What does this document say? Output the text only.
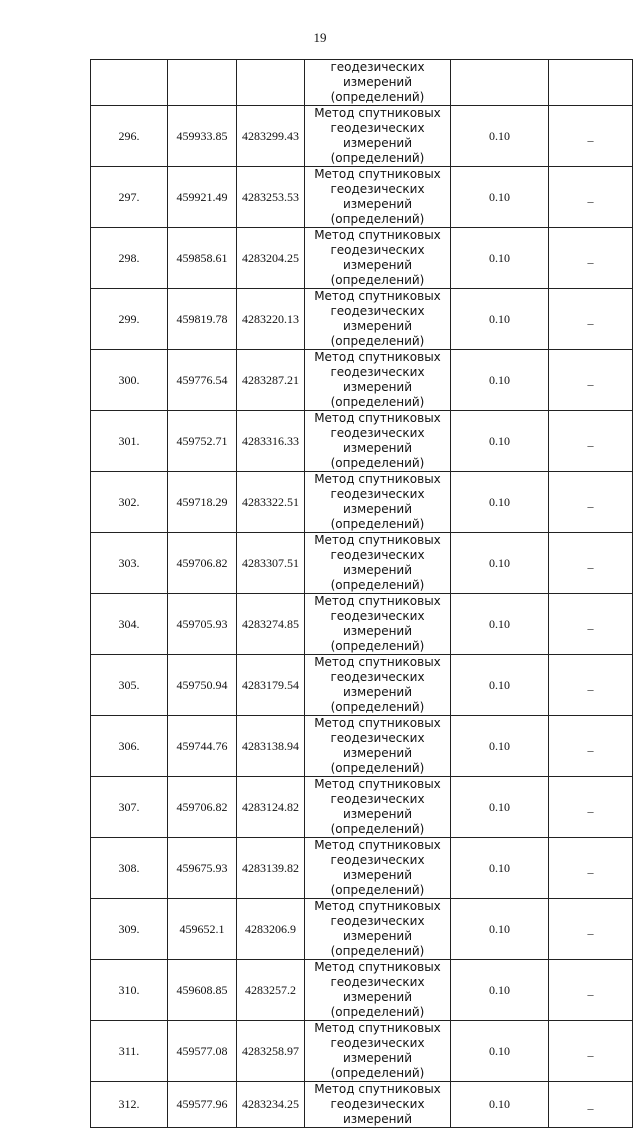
19
			геодезических измерений
(определений)		
296.	459933.85	4283299.43	Метод спутниковых
геодезических измерений
(определений)	0.10	_
297.	459921.49	4283253.53	Метод спутниковых
геодезических измерений
(определений)	0.10	_
298.	459858.61	4283204.25	Метод спутниковых
геодезических измерений
(определений)	0.10	_
299.	459819.78	4283220.13	Метод спутниковых
геодезических измерений
(определений)	0.10	_
300.	459776.54	4283287.21	Метод спутниковых
геодезических измерений
(определений)	0.10	_
301.	459752.71	4283316.33	Метод спутниковых
геодезических измерений
(определений)	0.10	_
302.	459718.29	4283322.51	Метод спутниковых
геодезических измерений
(определений)	0.10	_
303.	459706.82	4283307.51	Метод спутниковых
геодезических измерений
(определений)	0.10	_
304.	459705.93	4283274.85	Метод спутниковых
геодезических измерений
(определений)	0.10	_
305.	459750.94	4283179.54	Метод спутниковых
геодезических измерений
(определений)	0.10	_
306.	459744.76	4283138.94	Метод спутниковых
геодезических измерений
(определений)	0.10	_
307.	459706.82	4283124.82	Метод спутниковых
геодезических измерений
(определений)	0.10	_
308.	459675.93	4283139.82	Метод спутниковых
геодезических измерений
(определений)	0.10	_
309.	459652.1	4283206.9	Метод спутниковых
геодезических измерений
(определений)	0.10	_
310.	459608.85	4283257.2	Метод спутниковых
геодезических измерений
(определений)	0.10	_
311.	459577.08	4283258.97	Метод спутниковых
геодезических измерений
(определений)	0.10	_
312.	459577.96	4283234.25	Метод спутниковых
геодезических измерений	0.10	_
